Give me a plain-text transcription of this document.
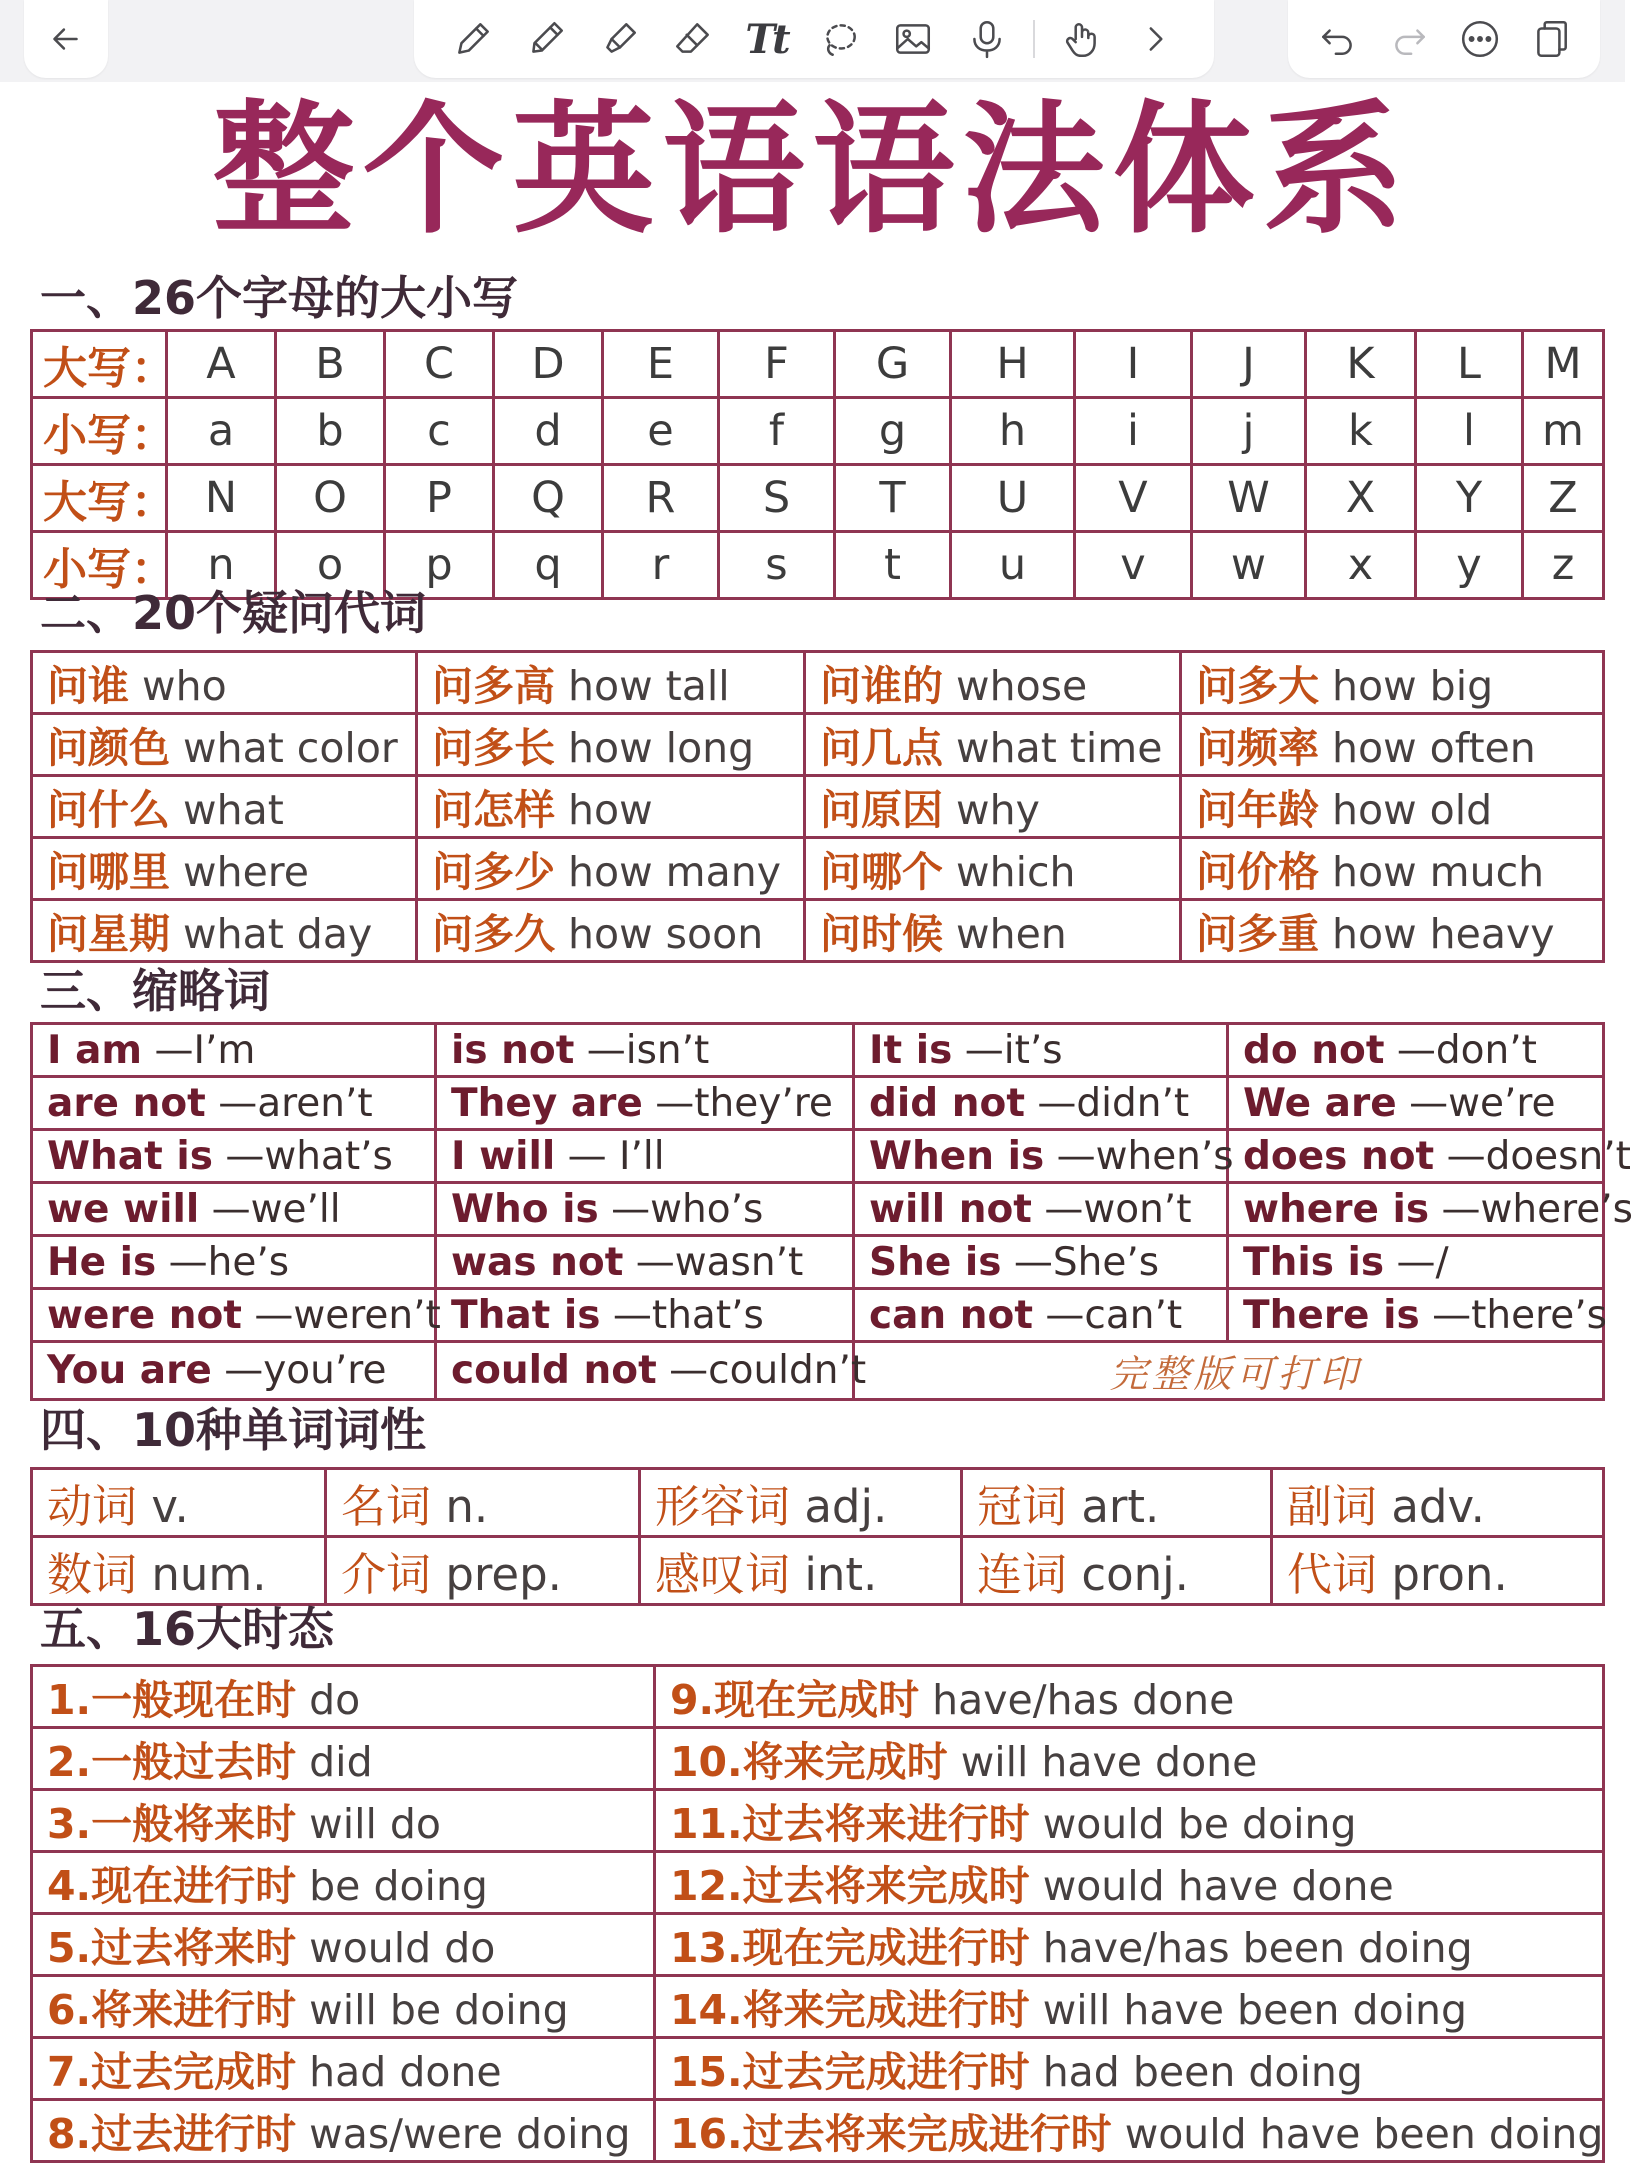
Tt
整个英语语法体系
一、26个字母的大小写
大写：	A	B	C	D	E	F	G	H	I	J	K	L	M
小写：	a	b	c	d	e	f	g	h	i	j	k	l	m
大写：	N	O	P	Q	R	S	T	U	V	W	X	Y	Z
小写：	n	o	p	q	r	s	t	u	v	w	x	y	z
二、20个疑问代词
问谁 who	问多高 how tall	问谁的 whose	问多大 how big
问颜色 what color	问多长 how long	问几点 what time	问频率 how often
问什么 what	问怎样 how	问原因 why	问年龄 how old
问哪里 where	问多少 how many	问哪个 which	问价格 how much
问星期 what day	问多久 how soon	问时候 when	问多重 how heavy
三、缩略词
I am —I’m	is not —isn’t	It is —it’s	do not —don’t
are not —aren’t	They are —they’re	did not —didn’t	We are —we’re
What is —what’s	I will — I’ll	When is —when’s	does not —doesn’t
we will —we’ll	Who is —who’s	will not —won’t	where is —where’s
He is —he’s	was not —wasn’t	She is —She’s	This is —/
were not —weren’t	That is —that’s	can not —can’t	There is —there’s
You are —you’re	could not —couldn’t	完整版可打印	
四、10种单词词性
动词 v.	名词 n.	形容词 adj.	冠词 art.	副词 adv.
数词 num.	介词 prep.	感叹词 int.	连词 conj.	代词 pron.
五、16大时态
1.一般现在时 do	9.现在完成时 have/has done
2.一般过去时 did	10.将来完成时 will have done
3.一般将来时 will do	11.过去将来进行时 would be doing
4.现在进行时 be doing	12.过去将来完成时 would have done
5.过去将来时 would do	13.现在完成进行时 have/has been doing
6.将来进行时 will be doing	14.将来完成进行时 will have been doing
7.过去完成时 had done	15.过去完成进行时 had been doing
8.过去进行时 was/were doing	16.过去将来完成进行时 would have been doing
